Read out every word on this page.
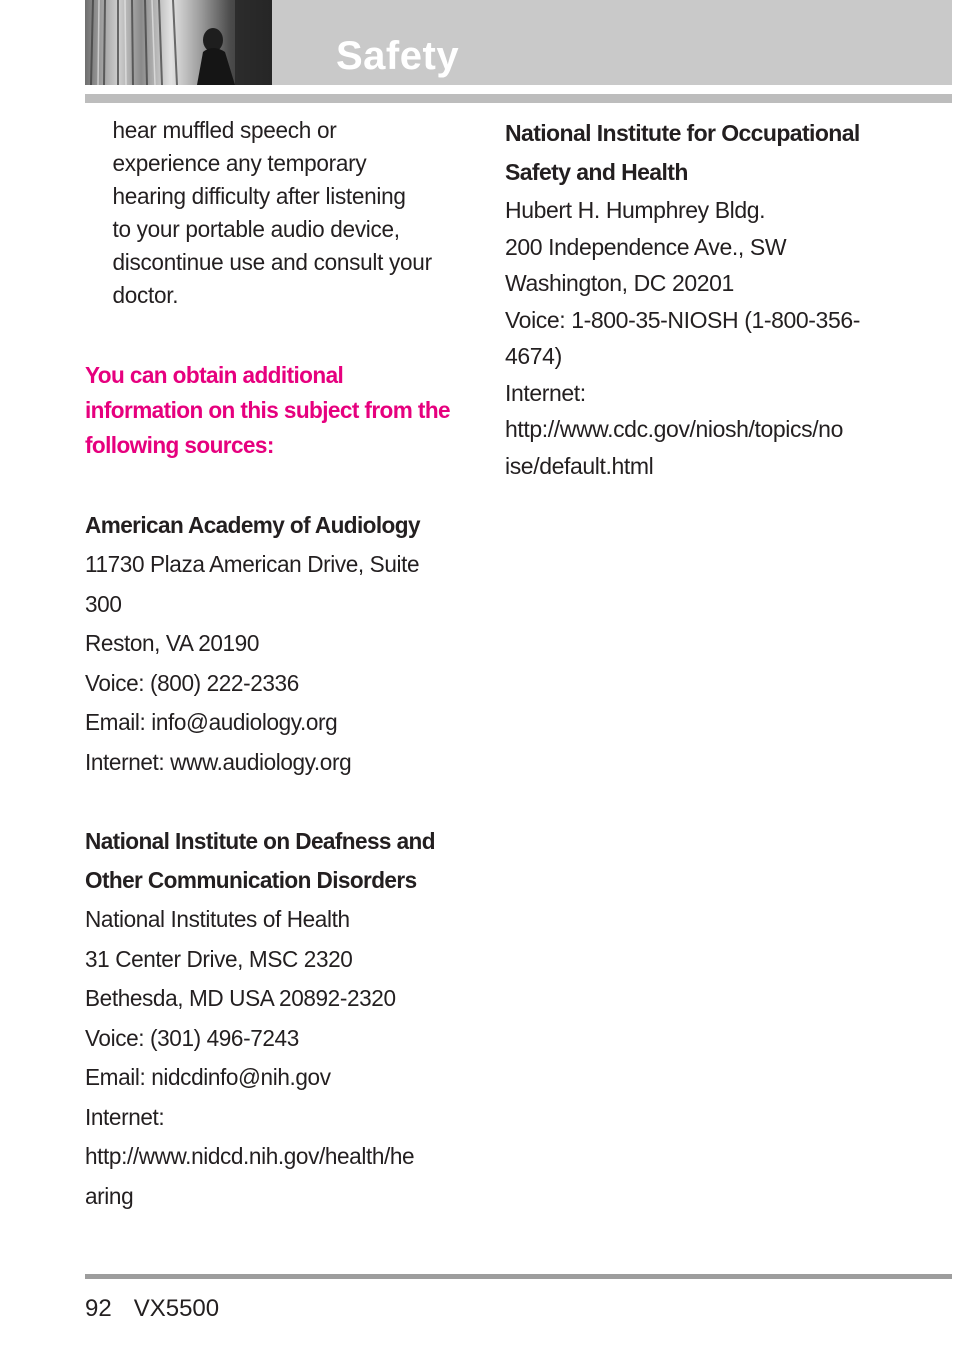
Safety
hear muffled speech or
experience any temporary
hearing difficulty after listening
to your portable audio device,
discontinue use and consult your
doctor.
You can obtain additional
information on this subject from the
following sources:
American Academy of Audiology
11730 Plaza American Drive, Suite
300
Reston, VA 20190
Voice: (800) 222-2336
Email: info@audiology.org
Internet: www.audiology.org
National Institute on Deafness and
Other Communication Disorders
National Institutes of Health
31 Center Drive, MSC 2320
Bethesda, MD USA 20892-2320
Voice: (301) 496-7243
Email: nidcdinfo@nih.gov
Internet:
http://www.nidcd.nih.gov/health/he
aring
National Institute for Occupational
Safety and Health
Hubert H. Humphrey Bldg.
200 Independence Ave., SW
Washington, DC 20201
Voice: 1-800-35-NIOSH (1-800-356-
4674)
Internet:
http://www.cdc.gov/niosh/topics/no
ise/default.html
92 VX5500
